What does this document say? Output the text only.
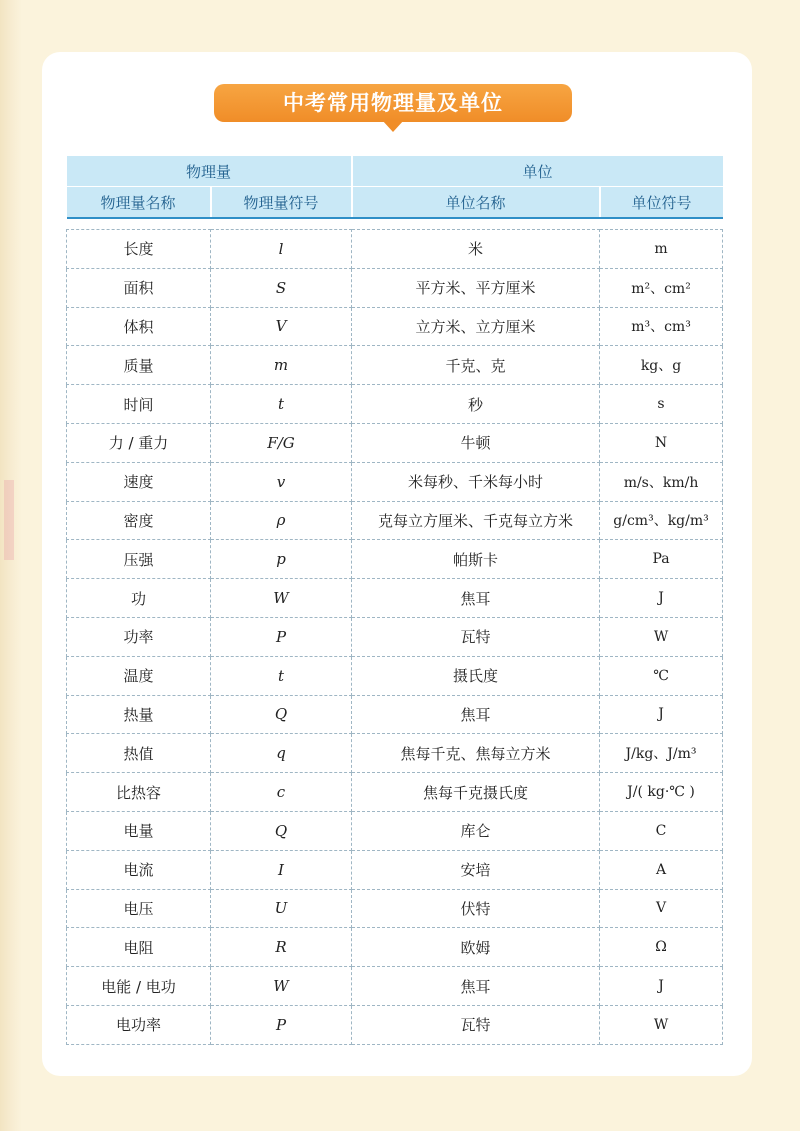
中考常用物理量及单位
物理量		单位	
物理量名称	物理量符号	单位名称	单位符号

长度	l	米	m
面积	S	平方米、平方厘米	m²、cm²
体积	V	立方米、立方厘米	m³、cm³
质量	m	千克、克	kg、g
时间	t	秒	s
力 / 重力	F/G	牛顿	N
速度	v	米每秒、千米每小时	m/s、km/h
密度	ρ	克每立方厘米、千克每立方米	g/cm³、kg/m³
压强	p	帕斯卡	Pa
功	W	焦耳	J
功率	P	瓦特	W
温度	t	摄氏度	℃
热量	Q	焦耳	J
热值	q	焦每千克、焦每立方米	J/kg、J/m³
比热容	c	焦每千克摄氏度	J/( kg·℃ )
电量	Q	库仑	C
电流	I	安培	A
电压	U	伏特	V
电阻	R	欧姆	Ω
电能 / 电功	W	焦耳	J
电功率	P	瓦特	W
